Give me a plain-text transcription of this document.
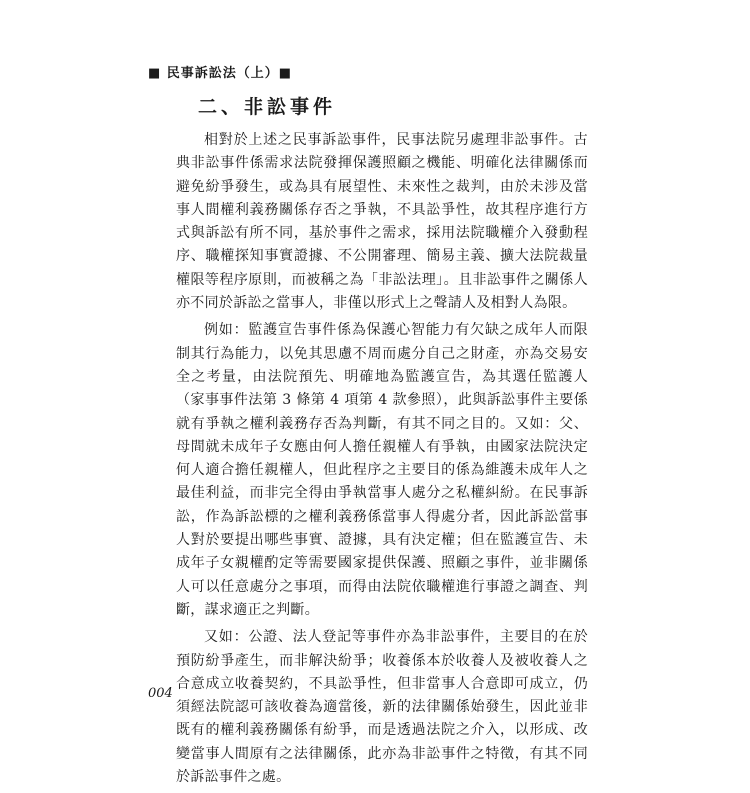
■ 民事訴訟法（上）■
二、非訟事件

相對於上述之民事訴訟事件，民事法院另處理非訟事件。古典非訟事件係需求法院發揮保護照顧之機能、明確化法律關係而避免紛爭發生，或為具有展望性、未來性之裁判，由於未涉及當事人間權利義務關係存否之爭執，不具訟爭性，故其程序進行方式與訴訟有所不同，基於事件之需求，採用法院職權介入發動程序、職權探知事實證據、不公開審理、簡易主義、擴大法院裁量權限等程序原則，而被稱之為「非訟法理」。且非訟事件之關係人亦不同於訴訟之當事人，非僅以形式上之聲請人及相對人為限。

例如：監護宣告事件係為保護心智能力有欠缺之成年人而限制其行為能力，以免其思慮不周而處分自己之財產，亦為交易安全之考量，由法院預先、明確地為監護宣告，為其選任監護人（家事事件法第 3 條第 4 項第 4 款參照），此與訴訟事件主要係就有爭執之權利義務存否為判斷，有其不同之目的。又如：父、母間就未成年子女應由何人擔任親權人有爭執，由國家法院決定何人適合擔任親權人，但此程序之主要目的係為維護未成年人之最佳利益，而非完全得由爭執當事人處分之私權糾紛。在民事訴訟，作為訴訟標的之權利義務係當事人得處分者，因此訴訟當事人對於要提出哪些事實、證據，具有決定權；但在監護宣告、未成年子女親權酌定等需要國家提供保護、照顧之事件，並非關係人可以任意處分之事項，而得由法院依職權進行事證之調查、判斷，謀求適正之判斷。

又如：公證、法人登記等事件亦為非訟事件，主要目的在於預防紛爭產生，而非解決紛爭；收養係本於收養人及被收養人之合意成立收養契約，不具訟爭性，但非當事人合意即可成立，仍須經法院認可該收養為適當後，新的法律關係始發生，因此並非既有的權利義務關係有紛爭，而是透過法院之介入，以形成、改變當事人間原有之法律關係，此亦為非訟事件之特徵，有其不同於訴訟事件之處。

004
